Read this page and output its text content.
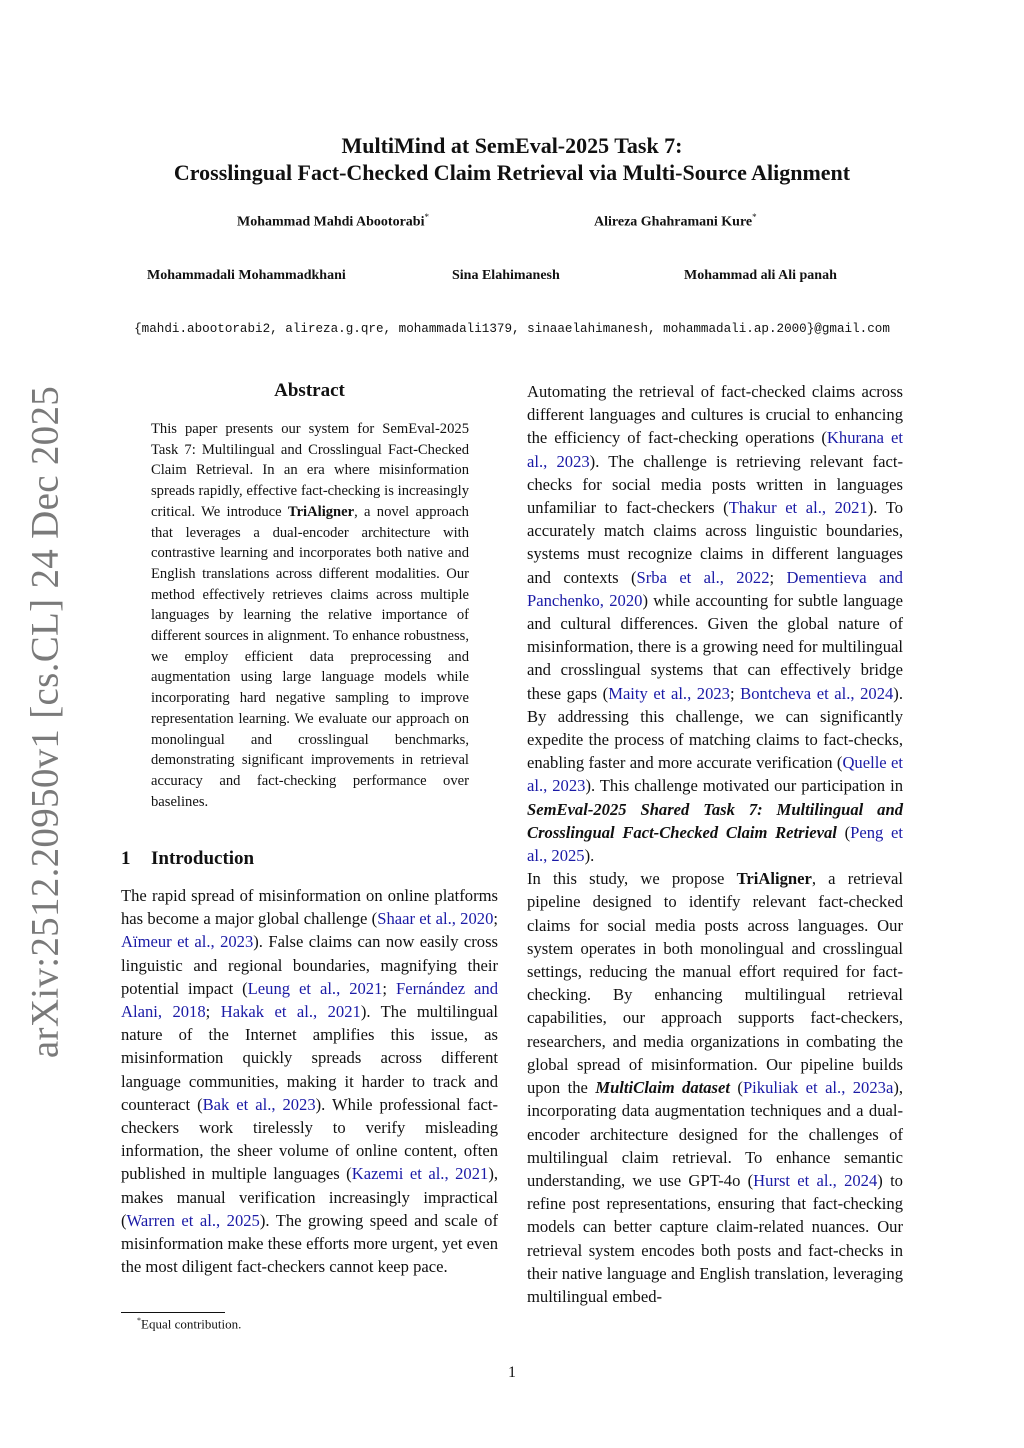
arXiv:2512.20950v1 [cs.CL] 24 Dec 2025
MultiMind at SemEval-2025 Task 7:
Crosslingual Fact-Checked Claim Retrieval via Multi-Source Alignment
Mohammad Mahdi Abootorabi*	Alireza Ghahramani Kure*
Mohammadali Mohammadkhani	Sina Elahimanesh	Mohammad ali Ali panah
{mahdi.abootorabi2, alireza.g.qre, mohammadali1379, sinaaelahimanesh, mohammadali.ap.2000}@gmail.com
Abstract
This paper presents our system for SemEval-2025 Task 7: Multilingual and Crosslingual Fact-Checked Claim Retrieval. In an era where misinformation spreads rapidly, effective fact-checking is increasingly critical. We introduce TriAligner, a novel approach that leverages a dual-encoder architecture with contrastive learning and incorporates both native and English translations across different modalities. Our method effectively retrieves claims across multiple languages by learning the relative importance of different sources in alignment. To enhance robustness, we employ efficient data preprocessing and augmentation using large language models while incorporating hard negative sampling to improve representation learning. We evaluate our approach on monolingual and crosslingual benchmarks, demonstrating significant improvements in retrieval accuracy and fact-checking performance over baselines.
1 Introduction
The rapid spread of misinformation on online platforms has become a major global challenge (Shaar et al., 2020; Aïmeur et al., 2023). False claims can now easily cross linguistic and regional boundaries, magnifying their potential impact (Leung et al., 2021; Fernández and Alani, 2018; Hakak et al., 2021). The multilingual nature of the Internet amplifies this issue, as misinformation quickly spreads across different language communities, making it harder to track and counteract (Bak et al., 2023). While professional fact-checkers work tirelessly to verify misleading information, the sheer volume of online content, often published in multiple languages (Kazemi et al., 2021), makes manual verification increasingly impractical (Warren et al., 2025). The growing speed and scale of misinformation make these efforts more urgent, yet even the most diligent fact-checkers cannot keep pace.

Automating the retrieval of fact-checked claims across different languages and cultures is crucial to enhancing the efficiency of fact-checking operations (Khurana et al., 2023). The challenge is retrieving relevant fact-checks for social media posts written in languages unfamiliar to fact-checkers (Thakur et al., 2021). To accurately match claims across linguistic boundaries, systems must recognize claims in different languages and contexts (Srba et al., 2022; Dementieva and Panchenko, 2020) while accounting for subtle language and cultural differences. Given the global nature of misinformation, there is a growing need for multilingual and crosslingual systems that can effectively bridge these gaps (Maity et al., 2023; Bontcheva et al., 2024). By addressing this challenge, we can significantly expedite the process of matching claims to fact-checks, enabling faster and more accurate verification (Quelle et al., 2023). This challenge motivated our participation in SemEval-2025 Shared Task 7: Multilingual and Crosslingual Fact-Checked Claim Retrieval (Peng et al., 2025).

In this study, we propose TriAligner, a retrieval pipeline designed to identify relevant fact-checked claims for social media posts across languages. Our system operates in both monolingual and crosslingual settings, reducing the manual effort required for fact-checking. By enhancing multilingual retrieval capabilities, our approach supports fact-checkers, researchers, and media organizations in combating the global spread of misinformation. Our pipeline builds upon the MultiClaim dataset (Pikuliak et al., 2023a), incorporating data augmentation techniques and a dual-encoder architecture designed for the challenges of multilingual claim retrieval. To enhance semantic understanding, we use GPT-4o (Hurst et al., 2024) to refine post representations, ensuring that fact-checking models can better capture claim-related nuances. Our retrieval system encodes both posts and fact-checks in their native language and English translation, leveraging multilingual embed-

*Equal contribution.
1
